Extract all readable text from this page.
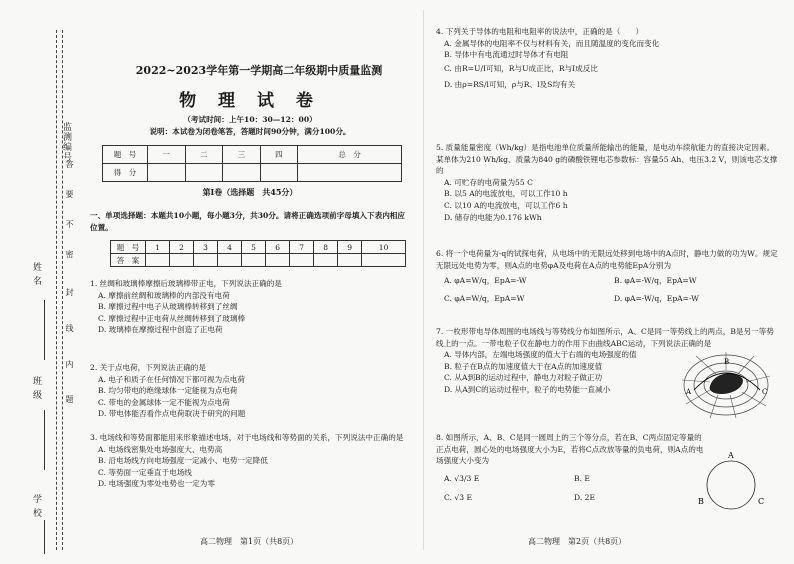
监测编号
姓 名
班 级
学 校
密
封
线
内
不
要
答
题
2022~2023学年第一学期高二年级期中质量监测
物 理 试 卷
（考试时间：上午10：30—12：00）
说明：本试卷为闭卷笔答，答题时间90分钟，满分100分。
题　号	一	二	三	四	总　分
得　分					
第Ⅰ卷（选择题　共45分）
一、单项选择题：本题共10小题，每小题3分，共30分。请将正确选项前字母填入下表内相应位置。
题　号	1	2	3	4	5	6	7	8	9	10
答　案										
1. 丝绸和玻璃棒摩擦后玻璃棒带正电，下列说法正确的是
A. 摩擦前丝绸和玻璃棒的内部没有电荷
B. 摩擦过程中电子从玻璃棒转移到了丝绸
C. 摩擦过程中正电荷从丝绸转移到了玻璃棒
D. 玻璃棒在摩擦过程中创造了正电荷
2. 关于点电荷，下列说法正确的是
A. 电子和质子在任何情况下都可视为点电荷
B. 均匀带电的绝缘球体一定能视为点电荷
C. 带电的金属球体一定不能视为点电荷
D. 带电体能否看作点电荷取决于研究的问题
3. 电场线和等势面都能用来形象描述电场，对于电场线和等势面的关系，下列说法中正确的是
A. 电场线密集处电场强度大、电势高
B. 沿电场线方向电场强度一定减小、电势一定降低
C. 等势面一定垂直于电场线
D. 电场强度为零处电势也一定为零
高二物理　第1页（共8页）
4. 下列关于导体的电阻和电阻率的说法中，正确的是（　　）
A. 金属导体的电阻率不仅与材料有关，而且随温度的变化而变化
B. 导体中有电流通过时导体才有电阻
C. 由R=U/I可知，R与U成正比，R与I成反比
D. 由ρ=RS/l可知，ρ与R、l及S均有关
5. 质量能量密度（Wh/kg）是指电池单位质量所能输出的能量，是电动车续航能力的直接决定因素。某单体为210 Wh/kg、质量为840 g的磷酸铁锂电芯参数标：容量55 Ah、电压3.2 V，则该电芯支撑的
A. 可贮存的电荷量为55 C
B. 以5 A的电流放电，可以工作10 h
C. 以10 A的电流放电，可以工作6 h
D. 储存的电能为0.176 kWh
6. 将一个电荷量为-q的试探电荷，从电场中的无限远处移到电场中的A点时，静电力做的功为W。规定无限远处电势为零，则A点的电势φA及电荷在A点的电势能EpA分别为
A. φA=W/q，EpA=-W	B. φA=-W/q，EpA=W
C. φA=W/q，EpA=W	D. φA=-W/q，EpA=-W
7. 一枚形带电导体周围的电场线与等势线分布如图所示，A、C是同一等势线上的两点，B是另一等势线上的一点。一带电粒子仅在静电力的作用下由曲线ABC运动，下列说法正确的是
A. 导体内部，左端电场强度的值大于右端的电场强度的值
B. 粒子在B点的加速度值大于在A点的加速度值
C. 从A到B的运动过程中，静电力对粒子做正功
D. 从A到C的运动过程中，粒子的电势能一直减小	A
B
C
8. 如图所示，A、B、C是同一圆周上的三个等分点，若在B、C两点固定等量的正点电荷，圆心处的电场强度大小为E，若将C点改放等量的负电荷，则A点的电场强度大小变为
A. √3/3 E	B. E
C. √3 E	D. 2E
A
B	C
高二物理　第2页（共8页）
